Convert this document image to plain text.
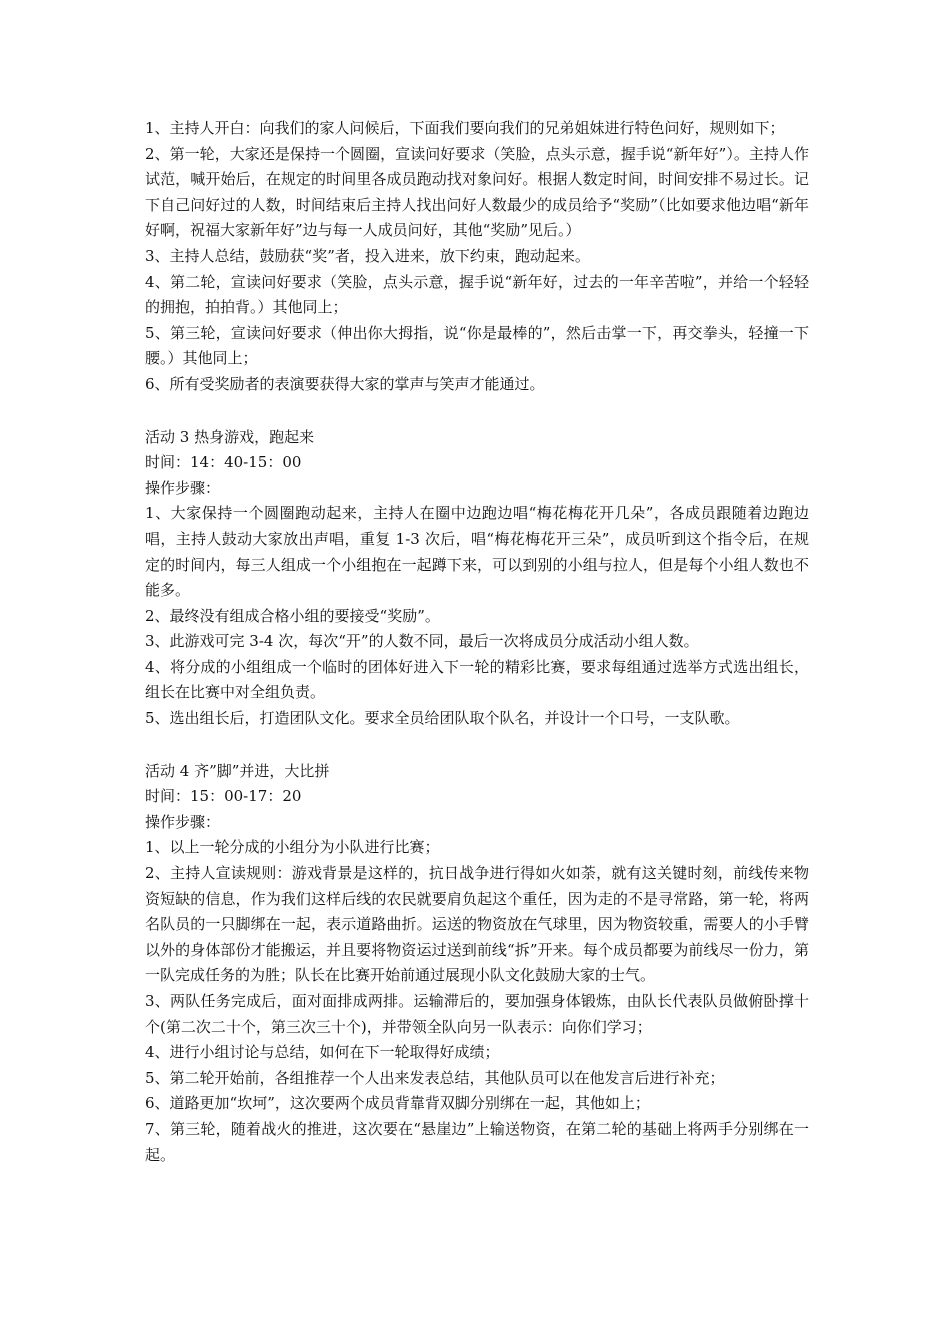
1、主持人开白：向我们的家人问候后，下面我们要向我们的兄弟姐妹进行特色问好，规则如下；

2、第一轮，大家还是保持一个圆圈，宣读问好要求（笑脸，点头示意，握手说“新年好”）。主持人作试范，喊开始后，在规定的时间里各成员跑动找对象问好。根据人数定时间，时间安排不易过长。记下自己问好过的人数，时间结束后主持人找出问好人数最少的成员给予“奖励”（比如要求他边唱“新年好啊，祝福大家新年好”边与每一人成员问好，其他“奖励”见后。）

3、主持人总结，鼓励获“奖”者，投入进来，放下约束，跑动起来。

4、第二轮，宣读问好要求（笑脸，点头示意，握手说“新年好，过去的一年辛苦啦”，并给一个轻轻的拥抱，拍拍背。）其他同上；

5、第三轮，宣读问好要求（伸出你大拇指，说“你是最棒的”，然后击掌一下，再交拳头，轻撞一下腰。）其他同上；

6、所有受奖励者的表演要获得大家的掌声与笑声才能通过。

活动 3 热身游戏，跑起来

时间：14：40-15：00

操作步骤：

1、大家保持一个圆圈跑动起来，主持人在圈中边跑边唱“梅花梅花开几朵”，各成员跟随着边跑边唱，主持人鼓动大家放出声唱，重复 1-3 次后，唱“梅花梅花开三朵”，成员听到这个指令后，在规定的时间内，每三人组成一个小组抱在一起蹲下来，可以到别的小组与拉人，但是每个小组人数也不能多。

2、最终没有组成合格小组的要接受“奖励”。

3、此游戏可完 3-4 次，每次“开”的人数不同，最后一次将成员分成活动小组人数。

4、将分成的小组组成一个临时的团体好进入下一轮的精彩比赛，要求每组通过选举方式选出组长，组长在比赛中对全组负责。

5、选出组长后，打造团队文化。要求全员给团队取个队名，并设计一个口号，一支队歌。

活动 4 齐”脚”并进，大比拼

时间：15：00-17：20

操作步骤：

1、以上一轮分成的小组分为小队进行比赛；

2、主持人宣读规则：游戏背景是这样的，抗日战争进行得如火如荼，就有这关键时刻，前线传来物资短缺的信息，作为我们这样后线的农民就要肩负起这个重任，因为走的不是寻常路，第一轮，将两名队员的一只脚绑在一起，表示道路曲折。运送的物资放在气球里，因为物资较重，需要人的小手臂以外的身体部份才能搬运，并且要将物资运过送到前线“拆”开来。每个成员都要为前线尽一份力，第一队完成任务的为胜；队长在比赛开始前通过展现小队文化鼓励大家的士气。

3、两队任务完成后，面对面排成两排。运输滞后的，要加强身体锻炼，由队长代表队员做俯卧撑十个(第二次二十个，第三次三十个)，并带领全队向另一队表示：向你们学习；

4、进行小组讨论与总结，如何在下一轮取得好成绩；

5、第二轮开始前，各组推荐一个人出来发表总结，其他队员可以在他发言后进行补充；

6、道路更加“坎坷”，这次要两个成员背靠背双脚分别绑在一起，其他如上；

7、第三轮，随着战火的推进，这次要在“悬崖边”上输送物资，在第二轮的基础上将两手分别绑在一起。
